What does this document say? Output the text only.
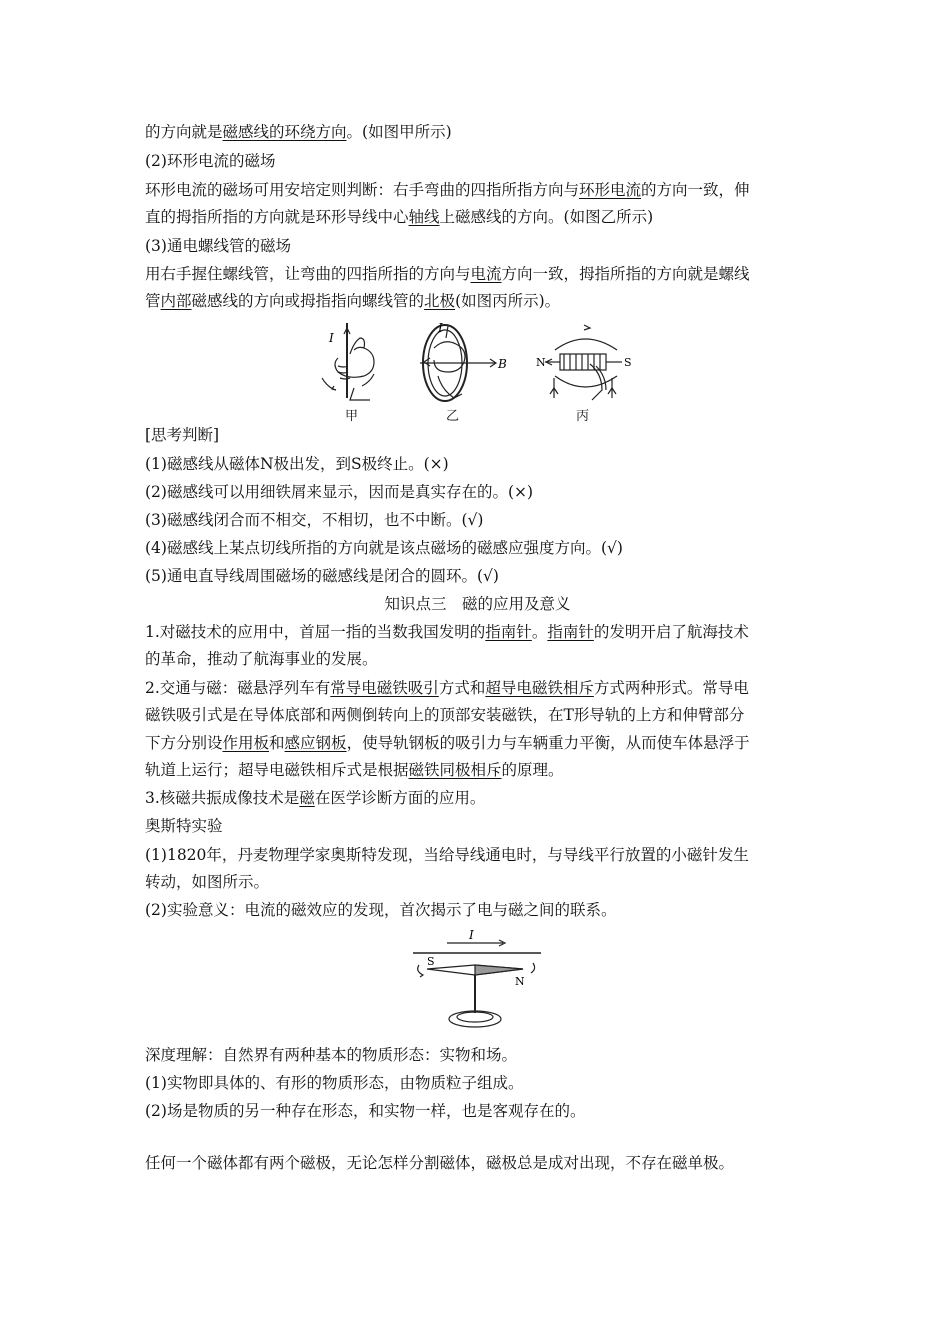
的方向就是磁感线的环绕方向。(如图甲所示)
(2)环形电流的磁场
环形电流的磁场可用安培定则判断：右手弯曲的四指所指方向与环形电流的方向一致，伸
直的拇指所指的方向就是环形导线中心轴线上磁感线的方向。(如图乙所示)
(3)通电螺线管的磁场
用右手握住螺线管，让弯曲的四指所指的方向与电流方向一致，拇指所指的方向就是螺线
管内部磁感线的方向或拇指指向螺线管的北极(如图丙所示)。
I
I
B	N	S
甲	乙	丙
[思考判断]
(1)磁感线从磁体N极出发，到S极终止。(×)
(2)磁感线可以用细铁屑来显示，因而是真实存在的。(×)
(3)磁感线闭合而不相交，不相切，也不中断。(√)
(4)磁感线上某点切线所指的方向就是该点磁场的磁感应强度方向。(√)
(5)通电直导线周围磁场的磁感线是闭合的圆环。(√)
知识点三　磁的应用及意义
1.对磁技术的应用中，首屈一指的当数我国发明的指南针。指南针的发明开启了航海技术
的革命，推动了航海事业的发展。
2.交通与磁：磁悬浮列车有常导电磁铁吸引方式和超导电磁铁相斥方式两种形式。常导电
磁铁吸引式是在导体底部和两侧倒转向上的顶部安装磁铁，在T形导轨的上方和伸臂部分
下方分别设作用板和感应钢板，使导轨钢板的吸引力与车辆重力平衡，从而使车体悬浮于
轨道上运行；超导电磁铁相斥式是根据磁铁同极相斥的原理。
3.核磁共振成像技术是磁在医学诊断方面的应用。
奥斯特实验
(1)1820年，丹麦物理学家奥斯特发现，当给导线通电时，与导线平行放置的小磁针发生
转动，如图所示。
(2)实验意义：电流的磁效应的发现，首次揭示了电与磁之间的联系。
I
S
N
深度理解：自然界有两种基本的物质形态：实物和场。
(1)实物即具体的、有形的物质形态，由物质粒子组成。
(2)场是物质的另一种存在形态，和实物一样，也是客观存在的。
任何一个磁体都有两个磁极，无论怎样分割磁体，磁极总是成对出现，不存在磁单极。
